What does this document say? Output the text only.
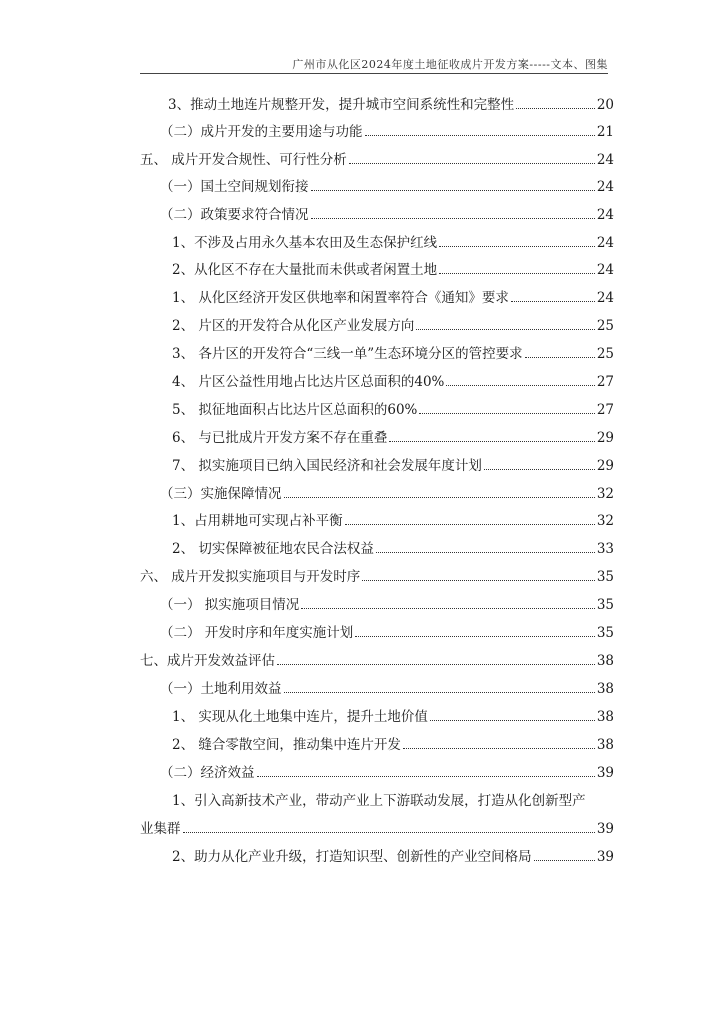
广州市从化区2024年度土地征收成片开发方案-----文本、图集
3、推动土地连片规整开发，提升城市空间系统性和完整性	20
（二）成片开发的主要用途与功能	21
五、 成片开发合规性、可行性分析	24
（一）国土空间规划衔接	24
（二）政策要求符合情况	24
1、不涉及占用永久基本农田及生态保护红线	24
2、从化区不存在大量批而未供或者闲置土地	24
1、 从化区经济开发区供地率和闲置率符合《通知》要求	24
2、 片区的开发符合从化区产业发展方向	25
3、 各片区的开发符合“三线一单”生态环境分区的管控要求	25
4、 片区公益性用地占比达片区总面积的40%	27
5、 拟征地面积占比达片区总面积的60%	27
6、 与已批成片开发方案不存在重叠	29
7、 拟实施项目已纳入国民经济和社会发展年度计划	29
（三）实施保障情况	32
1、占用耕地可实现占补平衡	32
2、 切实保障被征地农民合法权益	33
六、 成片开发拟实施项目与开发时序	35
（一） 拟实施项目情况	35
（二） 开发时序和年度实施计划	35
七、成片开发效益评估	38
（一）土地利用效益	38
1、 实现从化土地集中连片，提升土地价值	38
2、 缝合零散空间，推动集中连片开发	38
（二）经济效益	39
1、引入高新技术产业，带动产业上下游联动发展，打造从化创新型产
业集群	39
2、助力从化产业升级，打造知识型、创新性的产业空间格局	39
